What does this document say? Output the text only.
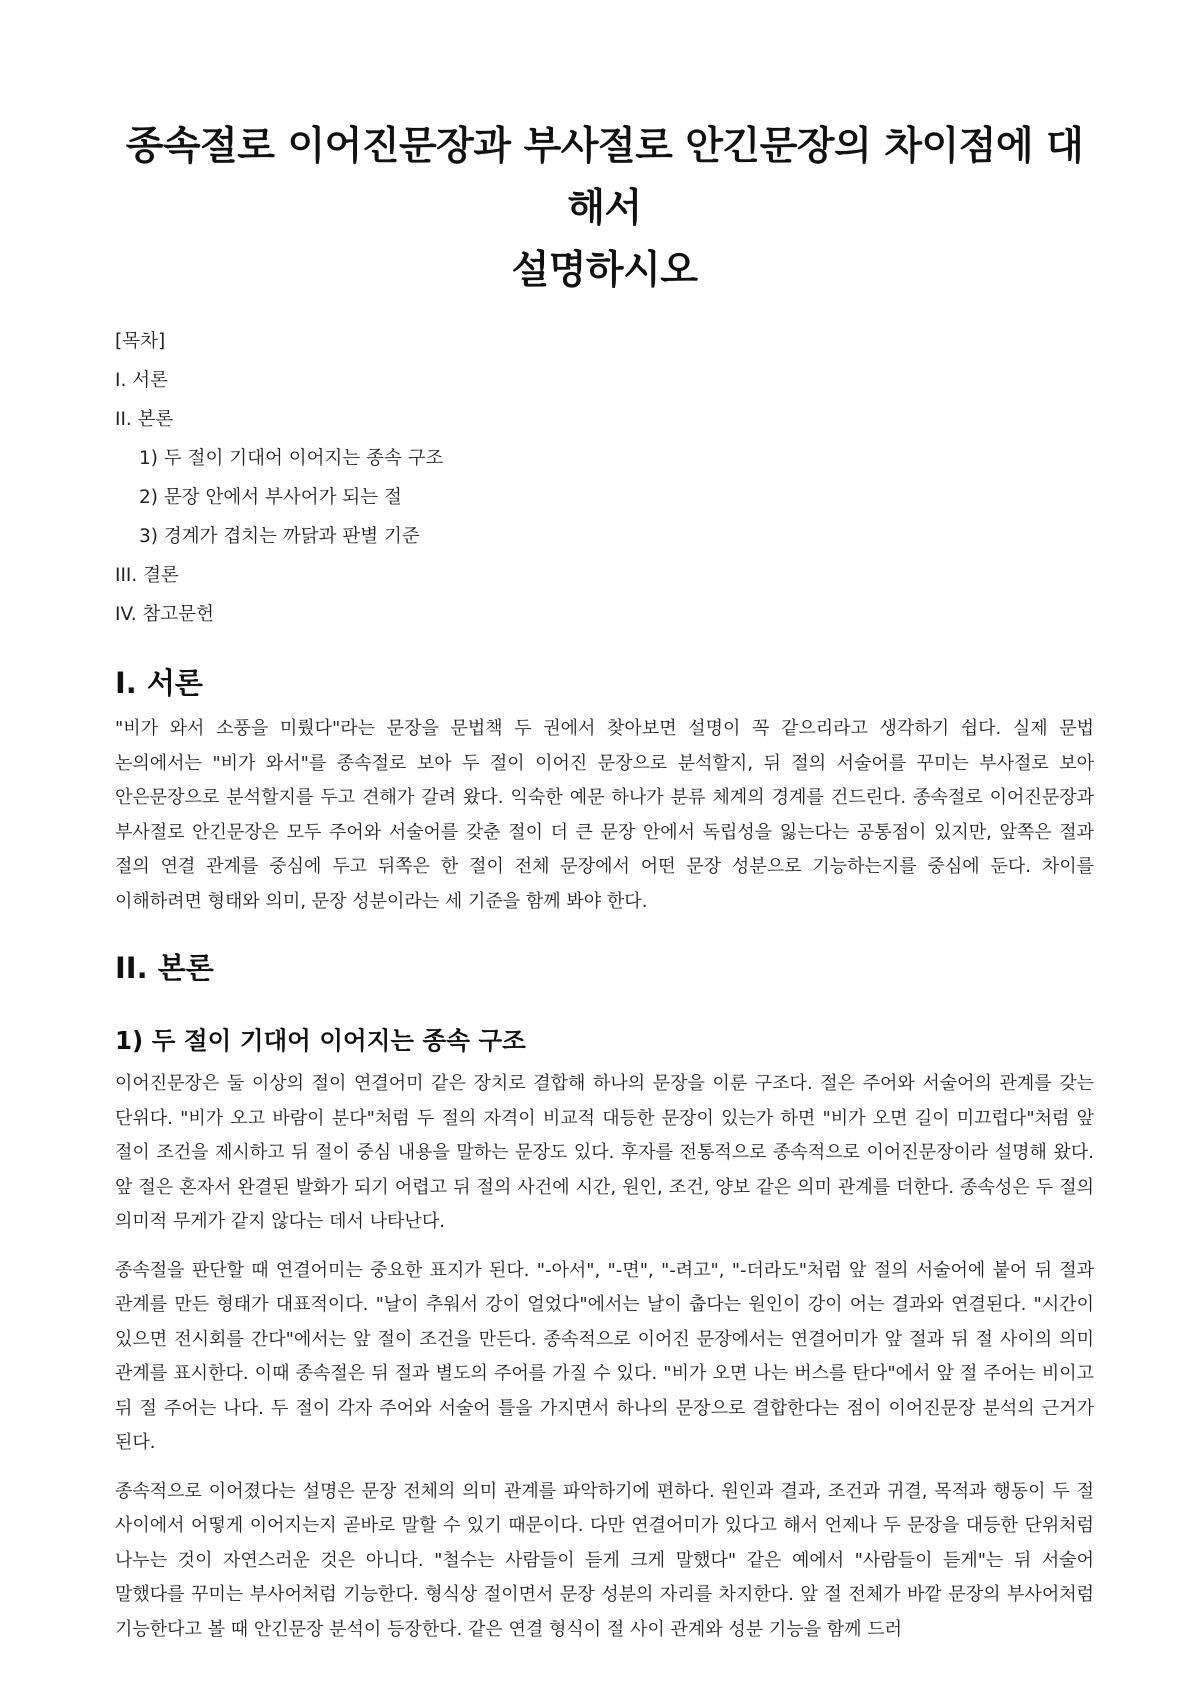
종속절로 이어진문장과 부사절로 안긴문장의 차이점에 대해서
설명하시오
[목차]
I. 서론
II. 본론
1) 두 절이 기대어 이어지는 종속 구조
2) 문장 안에서 부사어가 되는 절
3) 경계가 겹치는 까닭과 판별 기준
III. 결론
IV. 참고문헌
I. 서론

"비가 와서 소풍을 미뤘다"라는 문장을 문법책 두 권에서 찾아보면 설명이 꼭 같으리라고 생각하기 쉽다. 실제 문법 논의에서는 "비가 와서"를 종속절로 보아 두 절이 이어진 문장으로 분석할지, 뒤 절의 서술어를 꾸미는 부사절로 보아 안은문장으로 분석할지를 두고 견해가 갈려 왔다. 익숙한 예문 하나가 분류 체계의 경계를 건드린다. 종속절로 이어진문장과 부사절로 안긴문장은 모두 주어와 서술어를 갖춘 절이 더 큰 문장 안에서 독립성을 잃는다는 공통점이 있지만, 앞쪽은 절과 절의 연결 관계를 중심에 두고 뒤쪽은 한 절이 전체 문장에서 어떤 문장 성분으로 기능하는지를 중심에 둔다. 차이를 이해하려면 형태와 의미, 문장 성분이라는 세 기준을 함께 봐야 한다.

II. 본론
1) 두 절이 기대어 이어지는 종속 구조

이어진문장은 둘 이상의 절이 연결어미 같은 장치로 결합해 하나의 문장을 이룬 구조다. 절은 주어와 서술어의 관계를 갖는 단위다. "비가 오고 바람이 분다"처럼 두 절의 자격이 비교적 대등한 문장이 있는가 하면 "비가 오면 길이 미끄럽다"처럼 앞 절이 조건을 제시하고 뒤 절이 중심 내용을 말하는 문장도 있다. 후자를 전통적으로 종속적으로 이어진문장이라 설명해 왔다. 앞 절은 혼자서 완결된 발화가 되기 어렵고 뒤 절의 사건에 시간, 원인, 조건, 양보 같은 의미 관계를 더한다. 종속성은 두 절의 의미적 무게가 같지 않다는 데서 나타난다.

종속절을 판단할 때 연결어미는 중요한 표지가 된다. "-아서", "-면", "-려고", "-더라도"처럼 앞 절의 서술어에 붙어 뒤 절과 관계를 만든 형태가 대표적이다. "날이 추워서 강이 얼었다"에서는 날이 춥다는 원인이 강이 어는 결과와 연결된다. "시간이 있으면 전시회를 간다"에서는 앞 절이 조건을 만든다. 종속적으로 이어진 문장에서는 연결어미가 앞 절과 뒤 절 사이의 의미 관계를 표시한다. 이때 종속절은 뒤 절과 별도의 주어를 가질 수 있다. "비가 오면 나는 버스를 탄다"에서 앞 절 주어는 비이고 뒤 절 주어는 나다. 두 절이 각자 주어와 서술어 틀을 가지면서 하나의 문장으로 결합한다는 점이 이어진문장 분석의 근거가 된다.

종속적으로 이어졌다는 설명은 문장 전체의 의미 관계를 파악하기에 편하다. 원인과 결과, 조건과 귀결, 목적과 행동이 두 절 사이에서 어떻게 이어지는지 곧바로 말할 수 있기 때문이다. 다만 연결어미가 있다고 해서 언제나 두 문장을 대등한 단위처럼 나누는 것이 자연스러운 것은 아니다. "철수는 사람들이 듣게 크게 말했다" 같은 예에서 "사람들이 듣게"는 뒤 서술어 말했다를 꾸미는 부사어처럼 기능한다. 형식상 절이면서 문장 성분의 자리를 차지한다. 앞 절 전체가 바깥 문장의 부사어처럼 기능한다고 볼 때 안긴문장 분석이 등장한다. 같은 연결 형식이 절 사이 관계와 성분 기능을 함께 드러
